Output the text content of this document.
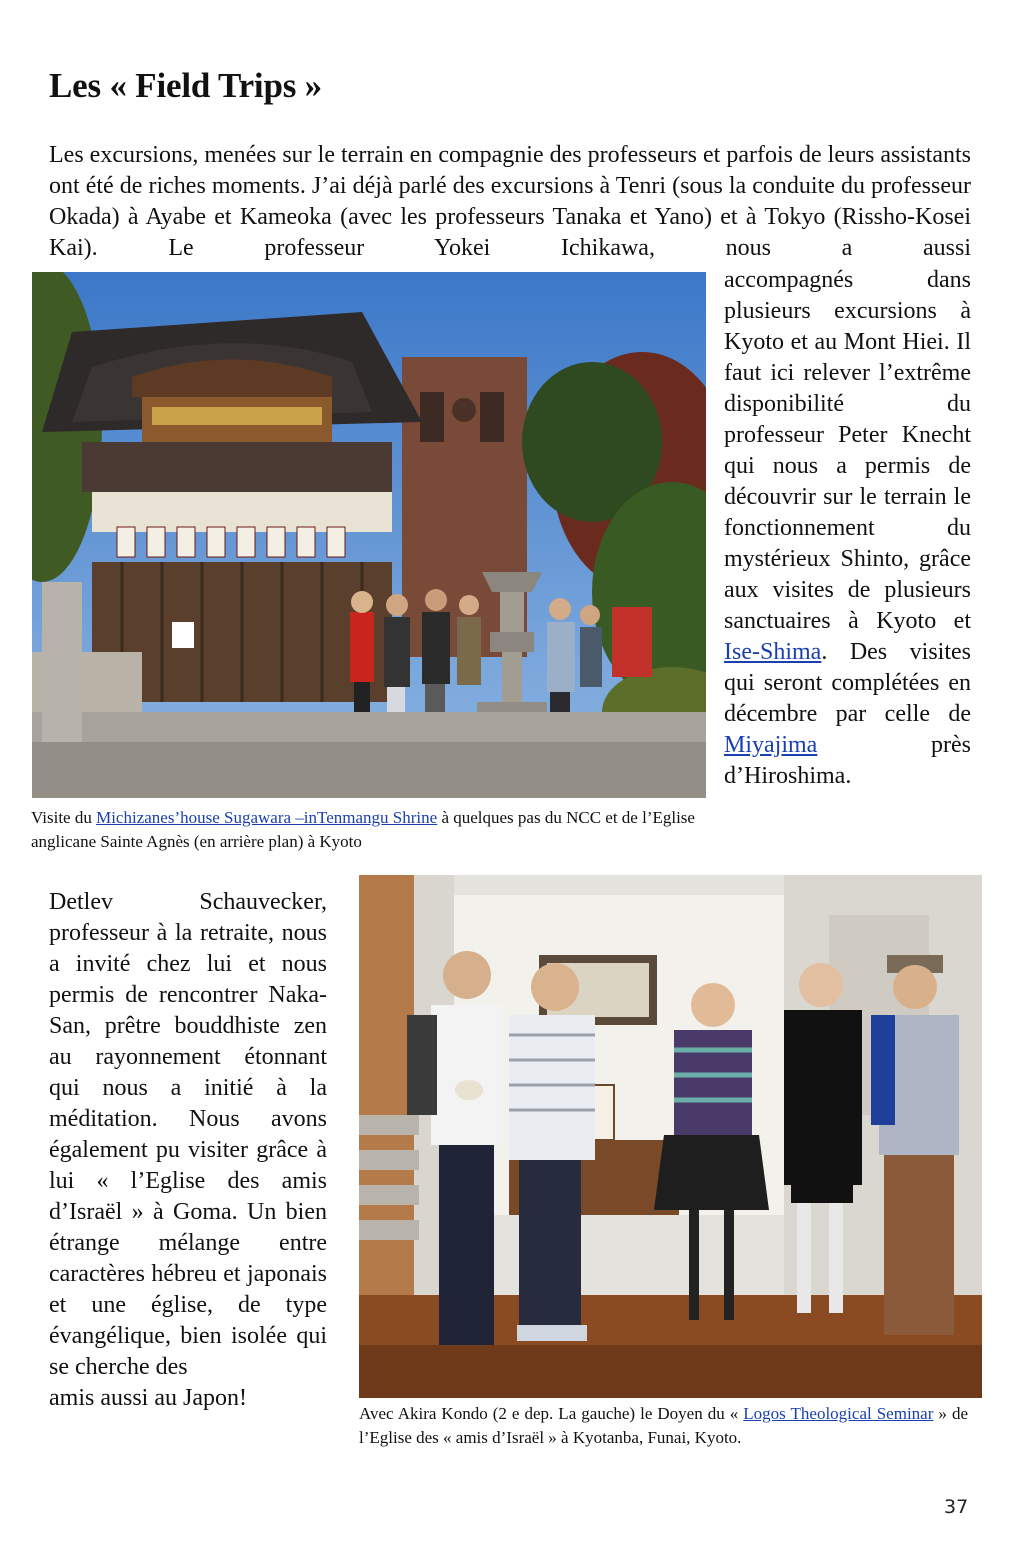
Les « Field Trips »

Les excursions, menées sur le terrain en compagnie des professeurs et parfois de leurs assistants ont été de riches moments. J’ai déjà parlé des excursions à Tenri (sous la conduite du professeur Okada) à Ayabe et Kameoka (avec les professeurs Tanaka et Yano) et à Tokyo (Rissho-Kosei Kai). Le professeur Yokei Ichikawa, nous a aussi

Visite du Michizanes’house Sugawara –inTenmangu Shrine à quelques pas du NCC et de l’Eglise anglicane Sainte Agnès (en arrière plan) à Kyoto
accompagnés dans plusieurs excursions à Kyoto et au Mont Hiei. Il faut ici relever l’extrême disponibilité du professeur Peter Knecht qui nous a permis de découvrir sur le terrain le fonctionnement du mystérieux Shinto, grâce aux visites de plusieurs sanctuaires à Kyoto et Ise-Shima. Des visites qui seront complétées en décembre par celle de Miyajima près d’Hiroshima.
Detlev Schauvecker, professeur à la retraite, nous a invité chez lui et nous permis de rencontrer Naka-San, prêtre bouddhiste zen au rayonnement étonnant qui nous a initié à la méditation. Nous avons également pu visiter grâce à lui « l’Eglise des amis d’Israël » à Goma. Un bien étrange mélange entre caractères hébreu et japonais et une église, de type évangélique, bien isolée qui se cherche des
amis aussi au Japon!
Avec Akira Kondo (2 e dep. La gauche) le Doyen du « Logos Theological Seminar » de l’Eglise des « amis d’Israël » à Kyotanba, Funai, Kyoto.
37
